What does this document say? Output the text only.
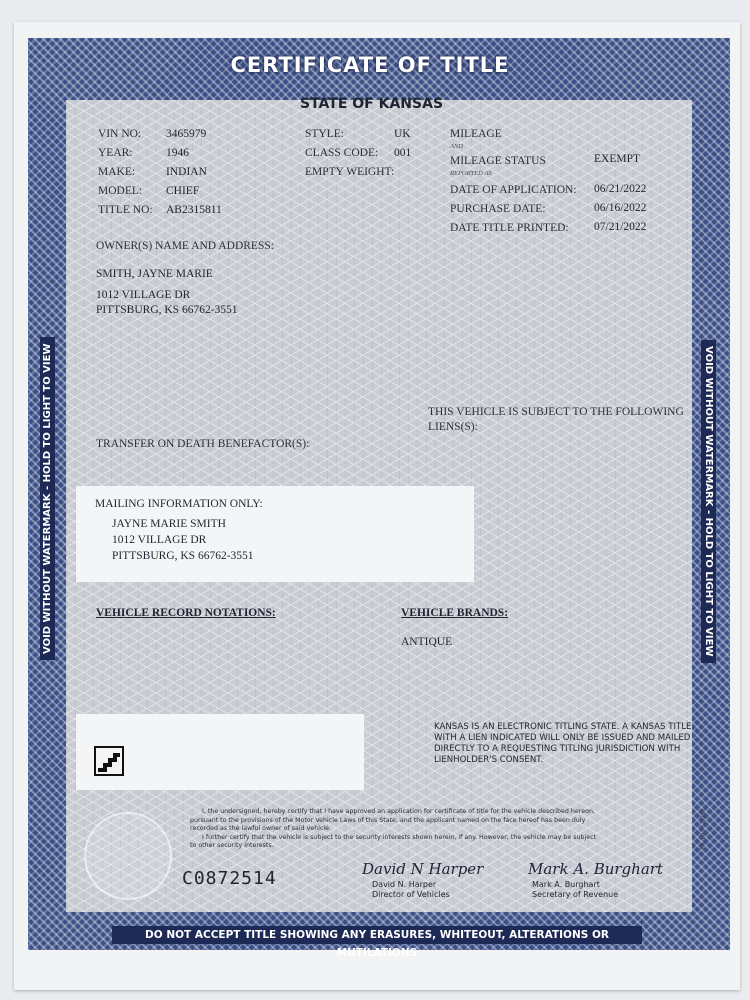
CERTIFICATE OF TITLE
VOID WITHOUT WATERMARK - HOLD TO LIGHT TO VIEW	VOID WITHOUT WATERMARK - HOLD TO LIGHT TO VIEW
STATE OF KANSAS
VIN NO: 3465979
YEAR:	1946
MAKE:	INDIAN
MODEL: CHIEF
TITLE NO: AB2315811
STYLE:	UK
CLASS CODE: 001
EMPTY WEIGHT:
MILEAGE
AND
MILEAGE STATUS
REPORTED AS
EXEMPT
DATE OF APPLICATION: 06/21/2022
PURCHASE DATE:	06/16/2022
DATE TITLE PRINTED: 07/21/2022
OWNER(S) NAME AND ADDRESS:
SMITH, JAYNE MARIE
1012 VILLAGE DR
PITTSBURG, KS 66762-3551
THIS VEHICLE IS SUBJECT TO THE FOLLOWING
LIENS(S):
TRANSFER ON DEATH BENEFACTOR(S):
MAILING INFORMATION ONLY:
JAYNE MARIE SMITH
1012 VILLAGE DR
PITTSBURG, KS 66762-3551
VEHICLE RECORD NOTATIONS:	VEHICLE BRANDS:
ANTIQUE
KANSAS IS AN ELECTRONIC TITLING STATE. A KANSAS TITLE WITH A LIEN INDICATED WILL ONLY BE ISSUED AND MAILED DIRECTLY TO A REQUESTING TITLING JURISDICTION WITH LIENHOLDER'S CONSENT.
I, the undersigned, hereby certify that I have approved an application for certificate of title for the vehicle described hereon,
pursuant to the provisions of the Motor Vehicle Laws of this State, and the applicant named on the face hereof has been duly
recorded as the lawful owner of said vehicle.
I further certify that the vehicle is subject to the security interests shown herein, if any. However, the vehicle may be subject
to other security interests.
C0872514	David N Harper
David N. Harper
Director of Vehicles
Mark A. Burghart
Mark A. Burghart
Secretary of Revenue
TR-197 (2/20)
DO NOT ACCEPT TITLE SHOWING ANY ERASURES, WHITEOUT, ALTERATIONS OR MUTILATIONS
